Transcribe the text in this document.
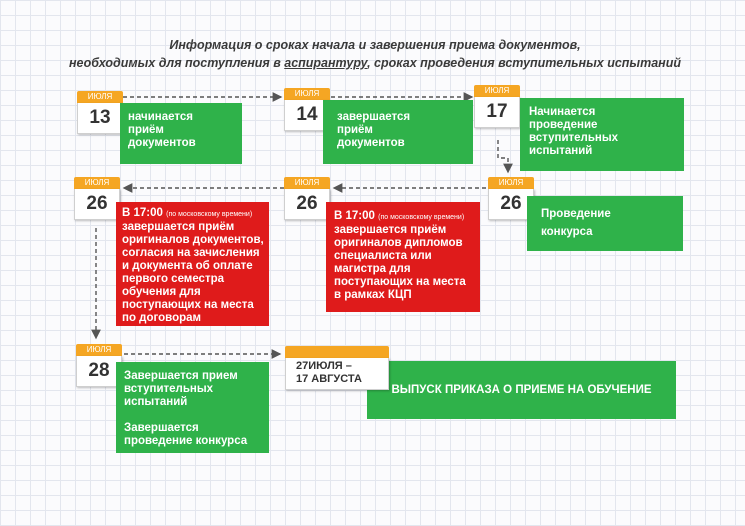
Информация о сроках начала и завершения приема документов,
необходимых для поступления в аспирантуру, сроках проведения вступительных испытаний
ИЮЛЯ
13	начинается

приём

документов

ИЮЛЯ
14	завершается

приём

документов

ИЮЛЯ
17	Начинается

проведение

вступительных

испытаний

ИЮЛЯ
26	Проведение

конкурса

ИЮЛЯ
26

В 17:00 (по московскому времени)

завершается приём

оригиналов дипломов

специалиста или

магистра для

поступающих на места

в рамках КЦП

ИЮЛЯ
26	В 17:00 (по московскому времени)

завершается приём

оригиналов документов,

согласия на зачисления

и документа об оплате

первого семестра

обучения для

поступающих на места

по договорам

ИЮЛЯ
28	Завершается прием

вступительных

испытаний

Завершается

проведение конкурса

ВЫПУСК ПРИКАЗА О ПРИЕМЕ НА ОБУЧЕНИЕ
27ИЮЛЯ –
17 АВГУСТА
